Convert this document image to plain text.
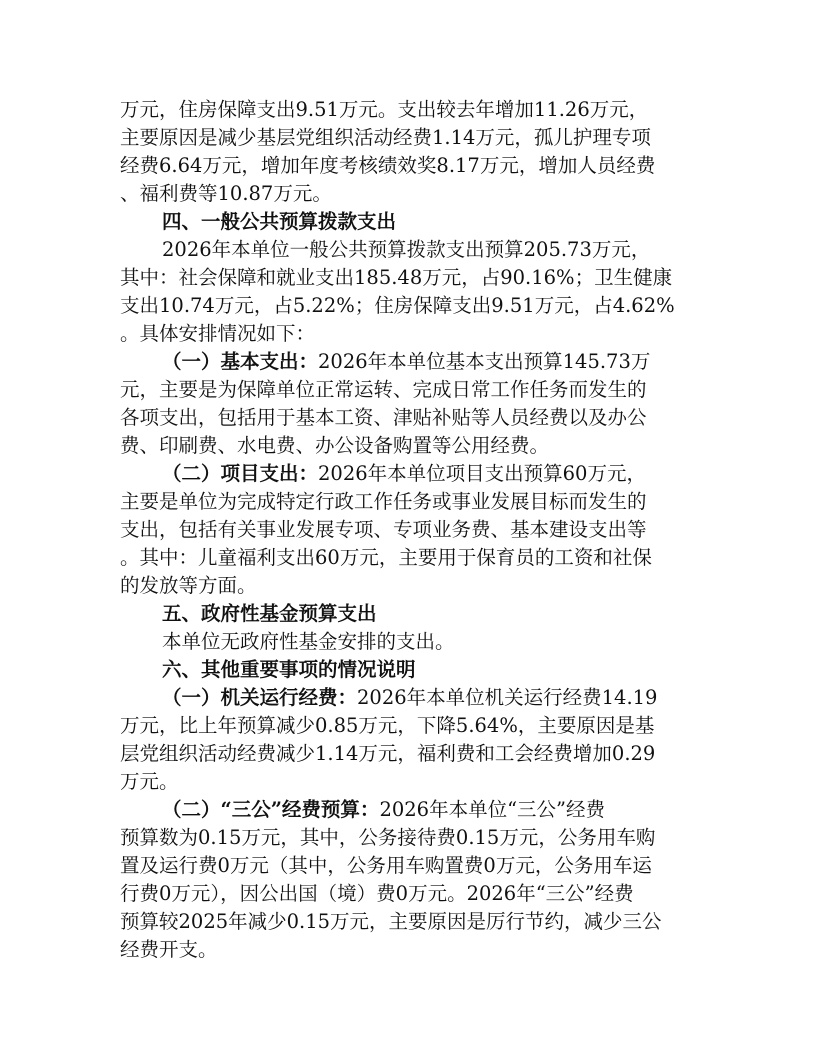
万元，住房保障支出9.51万元。支出较去年增加11.26万元，
主要原因是减少基层党组织活动经费1.14万元，孤儿护理专项
经费6.64万元，增加年度考核绩效奖8.17万元，增加人员经费
、福利费等10.87万元。
四、一般公共预算拨款支出
2026年本单位一般公共预算拨款支出预算205.73万元，
其中：社会保障和就业支出185.48万元，占90.16%；卫生健康
支出10.74万元，占5.22%；住房保障支出9.51万元，占4.62%
。具体安排情况如下：
（一）基本支出：2026年本单位基本支出预算145.73万
元，主要是为保障单位正常运转、完成日常工作任务而发生的
各项支出，包括用于基本工资、津贴补贴等人员经费以及办公
费、印刷费、水电费、办公设备购置等公用经费。
（二）项目支出：2026年本单位项目支出预算60万元，
主要是单位为完成特定行政工作任务或事业发展目标而发生的
支出，包括有关事业发展专项、专项业务费、基本建设支出等
。其中：儿童福利支出60万元，主要用于保育员的工资和社保
的发放等方面。
五、政府性基金预算支出
本单位无政府性基金安排的支出。
六、其他重要事项的情况说明
（一）机关运行经费：2026年本单位机关运行经费14.19
万元，比上年预算减少0.85万元，下降5.64%，主要原因是基
层党组织活动经费减少1.14万元，福利费和工会经费增加0.29
万元。
（二）“三公”经费预算：2026年本单位“三公”经费
预算数为0.15万元，其中，公务接待费0.15万元，公务用车购
置及运行费0万元（其中，公务用车购置费0万元，公务用车运
行费0万元），因公出国（境）费0万元。2026年“三公”经费
预算较2025年减少0.15万元，主要原因是厉行节约，减少三公
经费开支。
